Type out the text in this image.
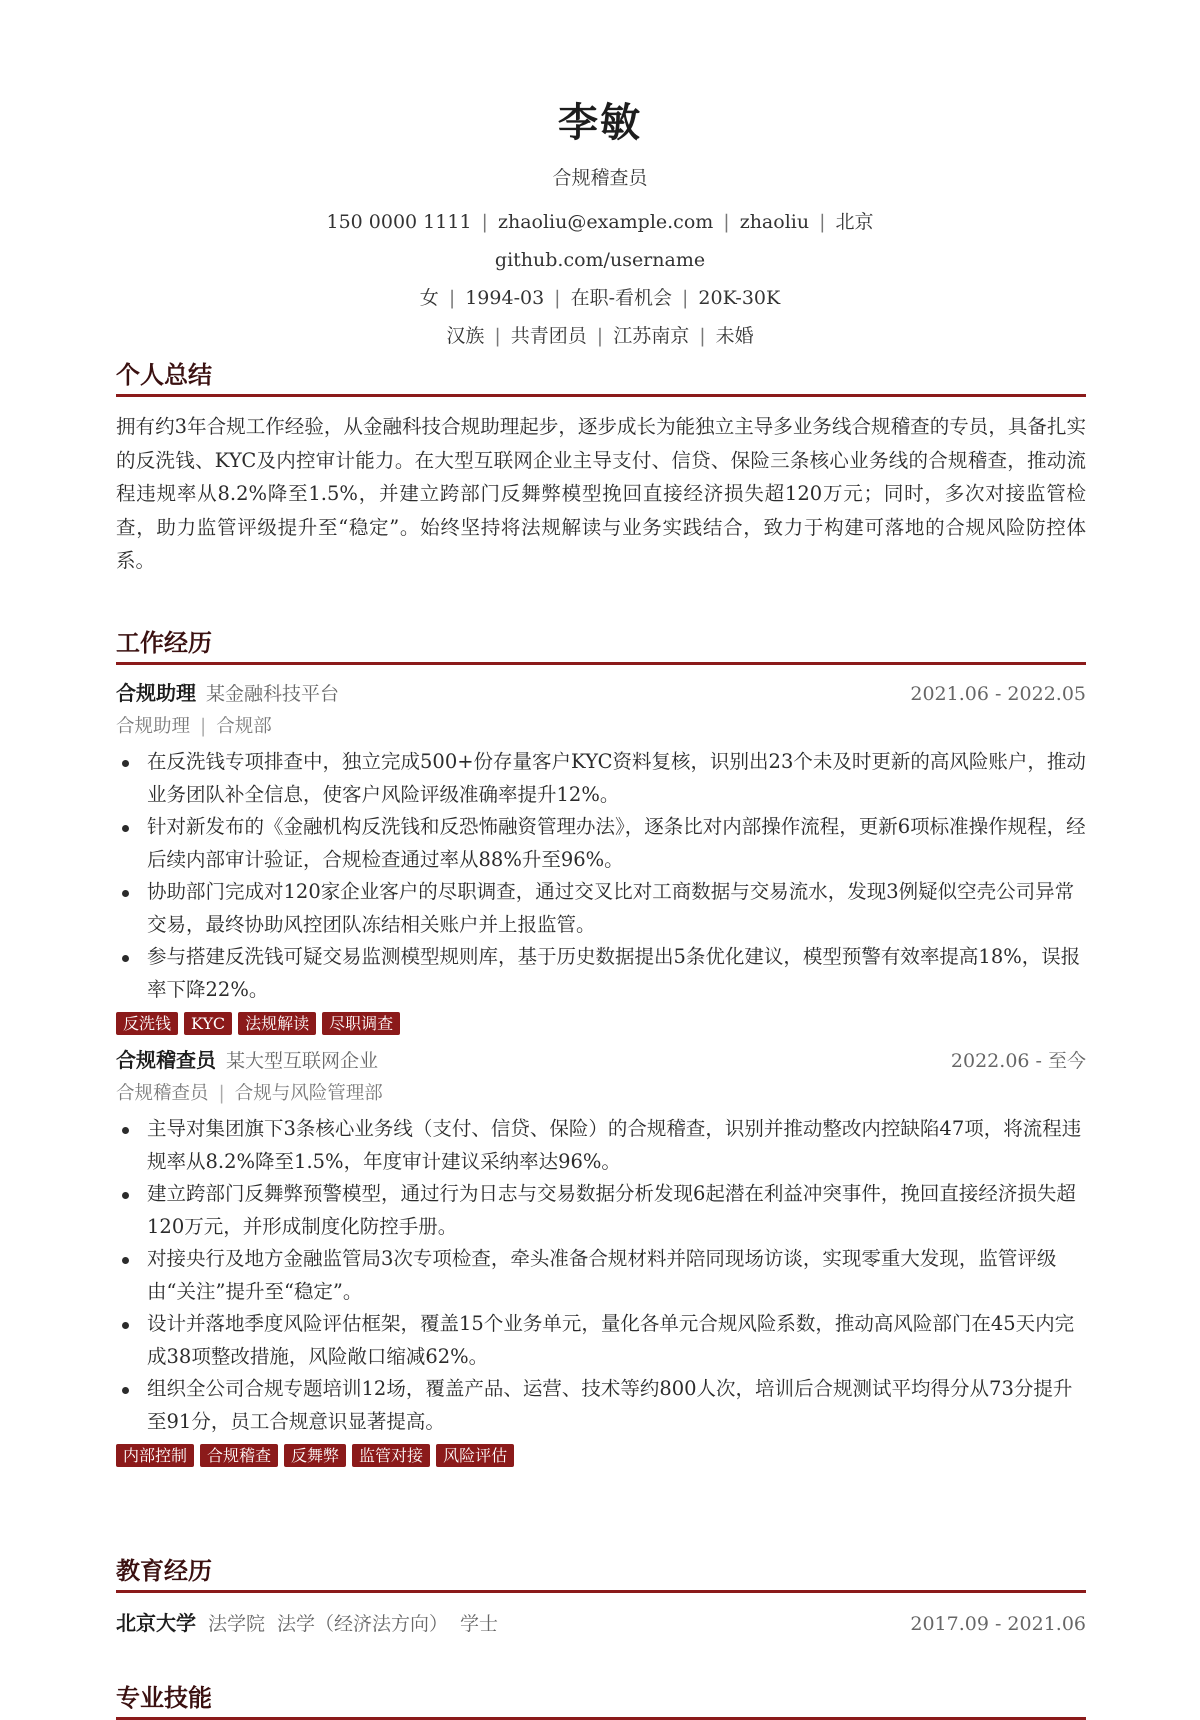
李敏
合规稽查员
150 0000 1111 | zhaoliu@example.com | zhaoliu | 北京
github.com/username
女 | 1994-03 | 在职-看机会 | 20K-30K
汉族 | 共青团员 | 江苏南京 | 未婚
个人总结

拥有约3年合规工作经验，从金融科技合规助理起步，逐步成长为能独立主导多业务线合规稽查的专员，具备扎实的反洗钱、KYC及内控审计能力。在大型互联网企业主导支付、信贷、保险三条核心业务线的合规稽查，推动流程违规率从8.2%降至1.5%，并建立跨部门反舞弊模型挽回直接经济损失超120万元；同时，多次对接监管检查，助力监管评级提升至“稳定”。始终坚持将法规解读与业务实践结合，致力于构建可落地的合规风险防控体系。

工作经历
合规助理 某金融科技平台	2021.06 - 2022.05
合规助理 | 合规部
在反洗钱专项排查中，独立完成500+份存量客户KYC资料复核，识别出23个未及时更新的高风险账户，推动业务团队补全信息，使客户风险评级准确率提升12%。
针对新发布的《金融机构反洗钱和反恐怖融资管理办法》，逐条比对内部操作流程，更新6项标准操作规程，经后续内部审计验证，合规检查通过率从88%升至96%。
协助部门完成对120家企业客户的尽职调查，通过交叉比对工商数据与交易流水，发现3例疑似空壳公司异常交易，最终协助风控团队冻结相关账户并上报监管。
参与搭建反洗钱可疑交易监测模型规则库，基于历史数据提出5条优化建议，模型预警有效率提高18%，误报率下降22%。
反洗钱	KYC	法规解读	尽职调查
合规稽查员 某大型互联网企业	2022.06 - 至今
合规稽查员 | 合规与风险管理部
主导对集团旗下3条核心业务线（支付、信贷、保险）的合规稽查，识别并推动整改内控缺陷47项，将流程违规率从8.2%降至1.5%，年度审计建议采纳率达96%。
建立跨部门反舞弊预警模型，通过行为日志与交易数据分析发现6起潜在利益冲突事件，挽回直接经济损失超120万元，并形成制度化防控手册。
对接央行及地方金融监管局3次专项检查，牵头准备合规材料并陪同现场访谈，实现零重大发现，监管评级由“关注”提升至“稳定”。
设计并落地季度风险评估框架，覆盖15个业务单元，量化各单元合规风险系数，推动高风险部门在45天内完成38项整改措施，风险敞口缩减62%。
组织全公司合规专题培训12场，覆盖产品、运营、技术等约800人次，培训后合规测试平均得分从73分提升至91分，员工合规意识显著提高。
内部控制	合规稽查	反舞弊	监管对接	风险评估
教育经历
北京大学 法学院 法学（经济法方向） 学士	2017.09 - 2021.06
专业技能
